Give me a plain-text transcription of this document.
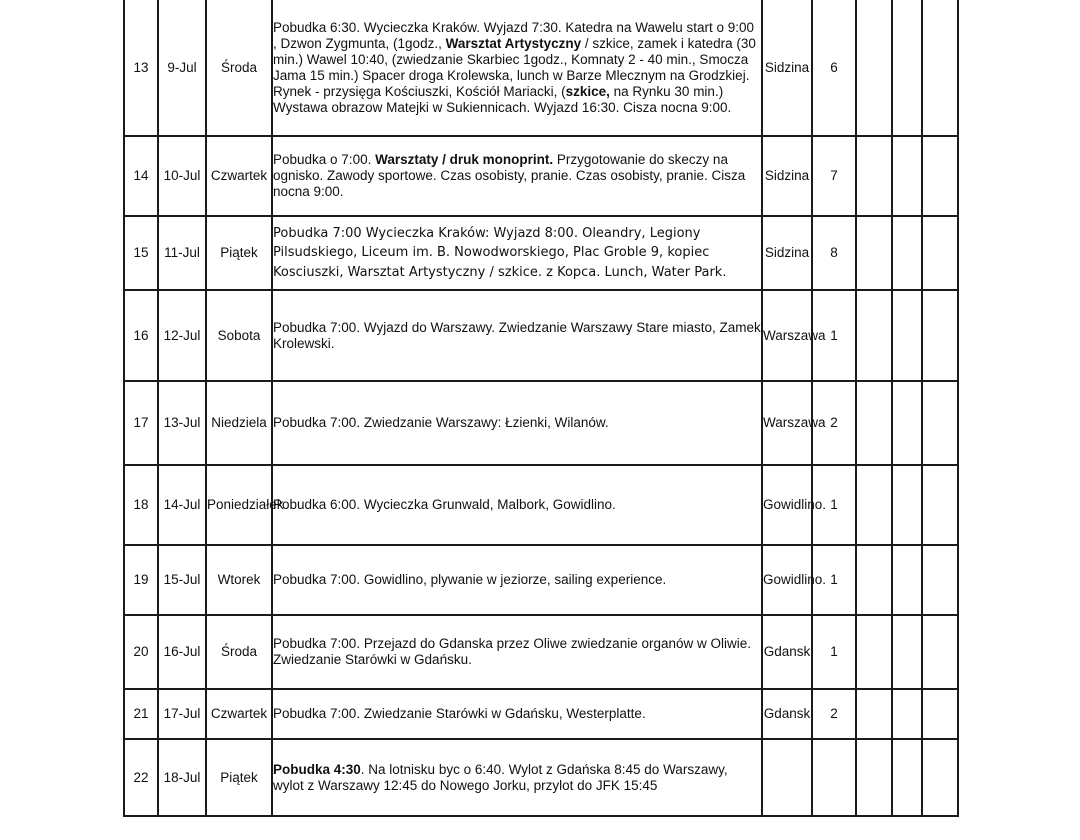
13	9-Jul	Środa	Pobudka 6:30. Wycieczka Kraków. Wyjazd 7:30. Katedra na Wawelu start o 9:00 , Dzwon Zygmunta, (1godz., Warsztat Artystyczny / szkice, zamek i katedra (30 min.) Wawel 10:40, (zwiedzanie Skarbiec 1godz., Komnaty 2 - 40 min., Smocza Jama 15 min.) Spacer droga Krolewska, lunch w Barze Mlecznym na Grodzkiej. Rynek - przysięga Kościuszki, Kościół Mariacki, (szkice, na Rynku 30 min.) Wystawa obrazow Matejki w Sukiennicach. Wyjazd 16:30. Cisza nocna 9:00.	Sidzina	6			
14	10-Jul	Czwartek	Pobudka o 7:00. Warsztaty / druk monoprint. Przygotowanie do skeczy na ognisko. Zawody sportowe. Czas osobisty, pranie. Czas osobisty, pranie. Cisza nocna 9:00.	Sidzina	7			
15	11-Jul	Piątek	Pobudka 7:00 Wycieczka Kraków: Wyjazd 8:00. Oleandry, Legiony Pilsudskiego, Liceum im. B. Nowodworskiego, Plac Groble 9, kopiec Kosciuszki, Warsztat Artystyczny / szkice. z Kopca. Lunch, Water Park.	Sidzina	8			
16	12-Jul	Sobota	Pobudka 7:00. Wyjazd do Warszawy. Zwiedzanie Warszawy Stare miasto, Zamek Krolewski.	Warszawa	1			
17	13-Jul	Niedziela	Pobudka 7:00. Zwiedzanie Warszawy: Łzienki, Wilanów.	Warszawa	2			
18	14-Jul	Poniedziałek	Pobudka 6:00. Wycieczka Grunwald, Malbork, Gowidlino.	Gowidlino.	1			
19	15-Jul	Wtorek	Pobudka 7:00. Gowidlino, plywanie w jeziorze, sailing experience.	Gowidlino.	1			
20	16-Jul	Środa	Pobudka 7:00. Przejazd do Gdanska przez Oliwe zwiedzanie organów w Oliwie. Zwiedzanie Starówki w Gdańsku.	Gdansk	1			
21	17-Jul	Czwartek	Pobudka 7:00. Zwiedzanie Starówki w Gdańsku, Westerplatte.	Gdansk	2			
22	18-Jul	Piątek	Pobudka 4:30. Na lotnisku byc o 6:40. Wylot z Gdańska 8:45 do Warszawy, wylot z Warszawy 12:45 do Nowego Jorku, przylot do JFK 15:45					
